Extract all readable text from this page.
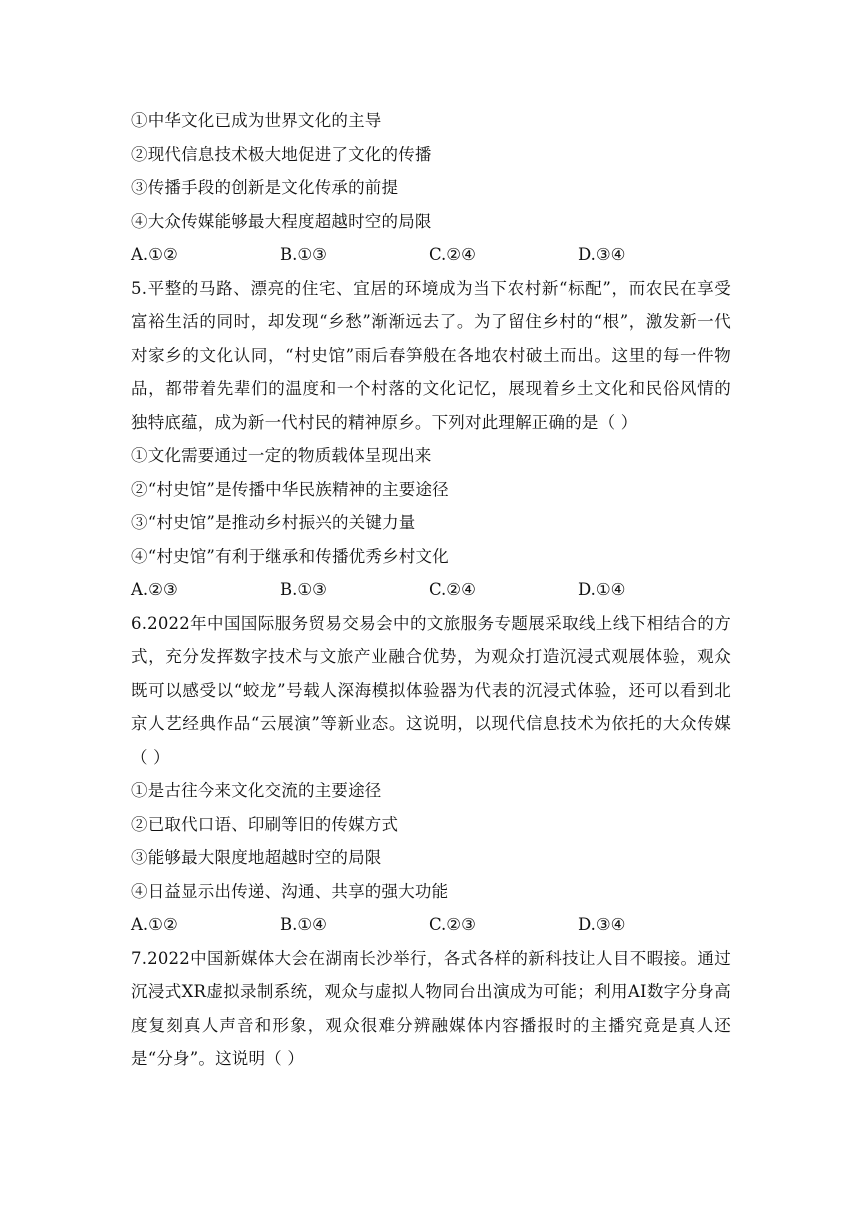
①中华文化已成为世界文化的主导
②现代信息技术极大地促进了文化的传播
③传播手段的创新是文化传承的前提
④大众传媒能够最大程度超越时空的局限
A.①②	B.①③	C.②④	D.③④
5.平整的马路、漂亮的住宅、宜居的环境成为当下农村新“标配”，而农民在享受富裕生活的同时，却发现“乡愁”渐渐远去了。为了留住乡村的“根”，激发新一代对家乡的文化认同，“村史馆”雨后春笋般在各地农村破土而出。这里的每一件物品，都带着先辈们的温度和一个村落的文化记忆，展现着乡土文化和民俗风情的独特底蕴，成为新一代村民的精神原乡。下列对此理解正确的是（ ）
①文化需要通过一定的物质载体呈现出来
②“村史馆”是传播中华民族精神的主要途径
③“村史馆”是推动乡村振兴的关键力量
④“村史馆”有利于继承和传播优秀乡村文化
A.②③	B.①③	C.②④	D.①④
6.2022年中国国际服务贸易交易会中的文旅服务专题展采取线上线下相结合的方式，充分发挥数字技术与文旅产业融合优势，为观众打造沉浸式观展体验，观众既可以感受以“蛟龙”号载人深海模拟体验器为代表的沉浸式体验，还可以看到北京人艺经典作品“云展演”等新业态。这说明，以现代信息技术为依托的大众传媒（ ）
①是古往今来文化交流的主要途径
②已取代口语、印刷等旧的传媒方式
③能够最大限度地超越时空的局限
④日益显示出传递、沟通、共享的强大功能
A.①②	B.①④	C.②③	D.③④
7.2022中国新媒体大会在湖南长沙举行，各式各样的新科技让人目不暇接。通过沉浸式XR虚拟录制系统，观众与虚拟人物同台出演成为可能；利用AI数字分身高度复刻真人声音和形象，观众很难分辨融媒体内容播报时的主播究竟是真人还是“分身”。这说明（ ）
